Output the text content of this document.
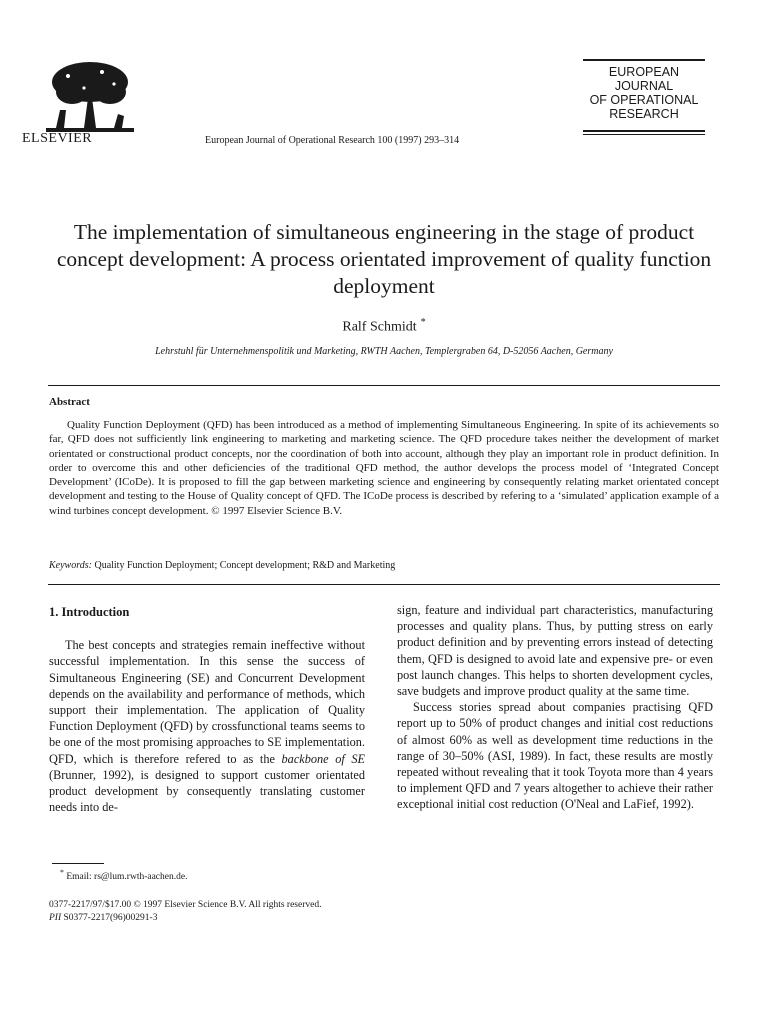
ELSEVIER	European Journal of Operational Research 100 (1997) 293–314
EUROPEAN
JOURNAL
OF OPERATIONAL
RESEARCH
The implementation of simultaneous engineering in the stage of product concept development: A process orientated improvement of quality function deployment
Ralf Schmidt *
Lehrstuhl für Unternehmenspolitik und Marketing, RWTH Aachen, Templergraben 64, D-52056 Aachen, Germany
Abstract
Quality Function Deployment (QFD) has been introduced as a method of implementing Simultaneous Engineering. In spite of its achievements so far, QFD does not sufficiently link engineering to marketing and marketing science. The QFD procedure takes neither the development of market orientated or constructional product concepts, nor the coordination of both into account, although they play an important role in product definition. In order to overcome this and other deficiencies of the traditional QFD method, the author develops the process model of ‘Integrated Concept Development’ (ICoDe). It is proposed to fill the gap between marketing science and engineering by consequently relating market orientated concept development and testing to the House of Quality concept of QFD. The ICoDe process is described by refering to a ‘simulated’ application example of a wind turbines concept development. © 1997 Elsevier Science B.V.
Keywords: Quality Function Deployment; Concept development; R&D and Marketing
1. Introduction

The best concepts and strategies remain ineffective without successful implementation. In this sense the success of Simultaneous Engineering (SE) and Concurrent Development depends on the availability and performance of methods, which support their implementation. The application of Quality Function Deployment (QFD) by crossfunctional teams seems to be one of the most promising approaches to SE implementation. QFD, which is therefore refered to as the backbone of SE (Brunner, 1992), is designed to support customer orientated product development by consequently translating customer needs into de-

sign, feature and individual part characteristics, manufacturing processes and quality plans. Thus, by putting stress on early product definition and by preventing errors instead of detecting them, QFD is designed to avoid late and expensive pre- or even post launch changes. This helps to shorten development cycles, save budgets and improve product quality at the same time.

Success stories spread about companies practising QFD report up to 50% of product changes and initial cost reductions of almost 60% as well as development time reductions in the range of 30–50% (ASI, 1989). In fact, these results are mostly repeated without revealing that it took Toyota more than 4 years to implement QFD and 7 years altogether to achieve their rather exceptional initial cost reduction (O'Neal and LaFief, 1992).

* Email: rs@lum.rwth-aachen.de.
0377-2217/97/$17.00 © 1997 Elsevier Science B.V. All rights reserved.
PII S0377-2217(96)00291-3
